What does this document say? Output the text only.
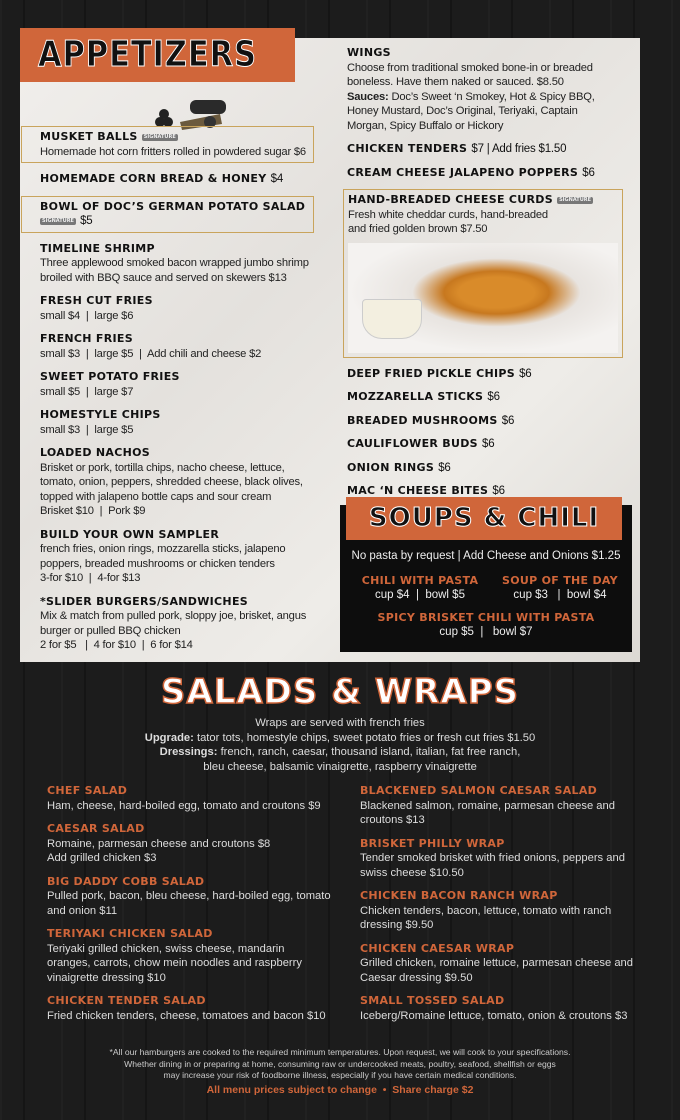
APPETIZERS
MUSKET BALLS SIGNATURE
Homemade hot corn fritters rolled in powdered sugar $6
HOMEMADE CORN BREAD & HONEY $4
BOWL OF DOC’S GERMAN POTATO SALAD SIGNATURE $5
TIMELINE SHRIMP
Three applewood smoked bacon wrapped jumbo shrimp broiled with BBQ sauce and served on skewers $13
FRESH CUT FRIES
small $4  |  large $6
FRENCH FRIES
small $3  |  large $5  |  Add chili and cheese $2
SWEET POTATO FRIES
small $5  |  large $7
HOMESTYLE CHIPS
small $3  |  large $5
LOADED NACHOS
Brisket or pork, tortilla chips, nacho cheese, lettuce, tomato, onion, peppers, shredded cheese, black olives, topped with jalapeno bottle caps and sour cream
Brisket $10  |  Pork $9
BUILD YOUR OWN SAMPLER
french fries, onion rings, mozzarella sticks, jalapeno poppers, breaded mushrooms or chicken tenders
3-for $10  |  4-for $13
*SLIDER BURGERS/SANDWICHES
Mix & match from pulled pork, sloppy joe, brisket, angus burger or pulled BBQ chicken
2 for $5   |  4 for $10  |  6 for $14
WINGS
Choose from traditional smoked bone-in or breaded boneless. Have them naked or sauced. $8.50
Sauces: Doc’s Sweet ‘n Smokey, Hot & Spicy BBQ, Honey Mustard, Doc’s Original, Teriyaki, Captain Morgan, Spicy Buffalo or Hickory
CHICKEN TENDERS $7 | Add fries $1.50
CREAM CHEESE JALAPENO POPPERS $6
HAND-BREADED CHEESE CURDS SIGNATURE
Fresh white cheddar curds, hand-breaded and fried golden brown $7.50
DEEP FRIED PICKLE CHIPS $6
MOZZARELLA STICKS $6
BREADED MUSHROOMS $6
CAULIFLOWER BUDS $6
ONION RINGS $6
MAC ‘N CHEESE BITES $6
SOUPS & CHILI
No pasta by request | Add Cheese and Onions $1.25
CHILI WITH PASTA
cup $4  |  bowl $5
SOUP OF THE DAY
cup $3   |  bowl $4
SPICY BRISKET CHILI WITH PASTA
cup $5  |   bowl $7
SALADS & WRAPS
Wraps are served with french fries
Upgrade: tator tots, homestyle chips, sweet potato fries or fresh cut fries $1.50
Dressings: french, ranch, caesar, thousand island, italian, fat free ranch, bleu cheese, balsamic vinaigrette, raspberry vinaigrette
CHEF SALAD
Ham, cheese, hard-boiled egg, tomato and croutons $9
CAESAR SALAD
Romaine, parmesan cheese and croutons $8
Add grilled chicken $3
BIG DADDY COBB SALAD
Pulled pork, bacon, bleu cheese, hard-boiled egg, tomato and onion $11
TERIYAKI CHICKEN SALAD
Teriyaki grilled chicken, swiss cheese, mandarin oranges, carrots, chow mein noodles and raspberry vinaigrette dressing $10
CHICKEN TENDER SALAD
Fried chicken tenders, cheese, tomatoes and bacon $10
BLACKENED SALMON CAESAR SALAD
Blackened salmon, romaine, parmesan cheese and croutons $13
BRISKET PHILLY WRAP
Tender smoked brisket with fried onions, peppers and swiss cheese $10.50
CHICKEN BACON RANCH WRAP
Chicken tenders, bacon, lettuce, tomato with ranch dressing $9.50
CHICKEN CAESAR WRAP
Grilled chicken, romaine lettuce, parmesan cheese and Caesar dressing $9.50
SMALL TOSSED SALAD
Iceberg/Romaine lettuce, tomato, onion & croutons $3
*All our hamburgers are cooked to the required minimum temperatures. Upon request, we will cook to your specifications.
Whether dining in or preparing at home, consuming raw or undercooked meats, poultry, seafood, shellfish or eggs
may increase your risk of foodborne illness, especially if you have certain medical conditions.
All menu prices subject to change  •  Share charge $2
